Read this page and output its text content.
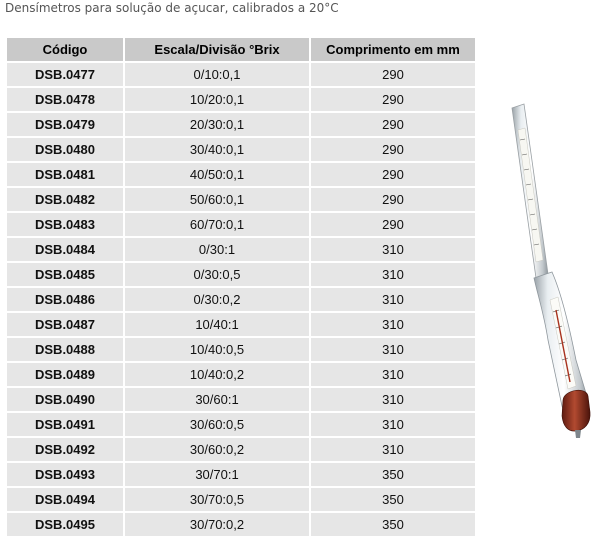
Densímetros para solução de açucar, calibrados a 20°C
Código	Escala/Divisão °Brix	Comprimento em mm
DSB.0477	0/10:0,1	290
DSB.0478	10/20:0,1	290
DSB.0479	20/30:0,1	290
DSB.0480	30/40:0,1	290
DSB.0481	40/50:0,1	290
DSB.0482	50/60:0,1	290
DSB.0483	60/70:0,1	290
DSB.0484	0/30:1	310
DSB.0485	0/30:0,5	310
DSB.0486	0/30:0,2	310
DSB.0487	10/40:1	310
DSB.0488	10/40:0,5	310
DSB.0489	10/40:0,2	310
DSB.0490	30/60:1	310
DSB.0491	30/60:0,5	310
DSB.0492	30/60:0,2	310
DSB.0493	30/70:1	350
DSB.0494	30/70:0,5	350
DSB.0495	30/70:0,2	350
